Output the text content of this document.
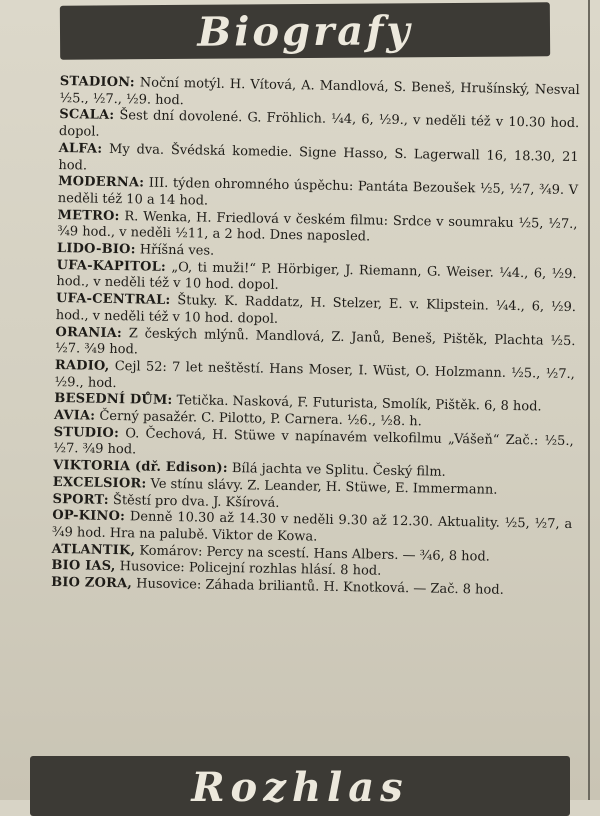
Biografy

STADION: Noční motýl. H. Vítová, A. Mandlová, S. Beneš, Hrušínský, Nesval ½5., ½7., ½9. hod.

SCALA: Šest dní dovolené. G. Fröhlich. ¼4, 6, ½9., v neděli též v 10.30 hod. dopol.

ALFA: My dva. Švédská komedie. Signe Hasso, S. Lagerwall 16, 18.30, 21 hod.

MODERNA: III. týden ohromného úspěchu: Pantáta Bezoušek ½5, ½7, ¾9. V neděli též 10 a 14 hod.

METRO: R. Wenka, H. Friedlová v českém filmu: Srdce v soumraku ½5, ½7., ¾9 hod., v neděli ½11, a 2 hod. Dnes naposled.

LIDO-BIO: Hříšná ves.

UFA-KAPITOL: „O, ti muži!“ P. Hörbiger, J. Riemann, G. Weiser. ¼4., 6, ½9. hod., v neděli též v 10 hod. dopol.

UFA-CENTRAL: Štuky. K. Raddatz, H. Stelzer, E. v. Klipstein. ¼4., 6, ½9. hod., v neděli též v 10 hod. dopol.

ORANIA: Z českých mlýnů. Mandlová, Z. Janů, Beneš, Pištěk, Plachta ½5. ½7. ¾9 hod.

RADIO, Cejl 52: 7 let neštěstí. Hans Moser, I. Wüst, O. Holzmann. ½5., ½7., ½9., hod.

BESEDNÍ DŮM: Tetička. Nasková, F. Futurista, Smolík, Pištěk. 6, 8 hod.

AVIA: Černý pasažér. C. Pilotto, P. Carnera. ½6., ½8. h.

STUDIO: O. Čechová, H. Stüwe v napínavém velkofilmu „Vášeň“ Zač.: ½5., ½7. ¾9 hod.

VIKTORIA (dř. Edison): Bílá jachta ve Splitu. Český film.

EXCELSIOR: Ve stínu slávy. Z. Leander, H. Stüwe, E. Immermann.

SPORT: Štěstí pro dva. J. Kšírová.

OP-KINO: Denně 10.30 až 14.30 v neděli 9.30 až 12.30. Aktuality. ½5, ½7, a ¾9 hod. Hra na palubě. Viktor de Kowa.

ATLANTIK, Komárov: Percy na scestí. Hans Albers. — ¾6, 8 hod.

BIO IAS, Husovice: Policejní rozhlas hlásí. 8 hod.

BIO ZORA, Husovice: Záhada briliantů. H. Knotková. — Zač. 8 hod.

Rozhlas
